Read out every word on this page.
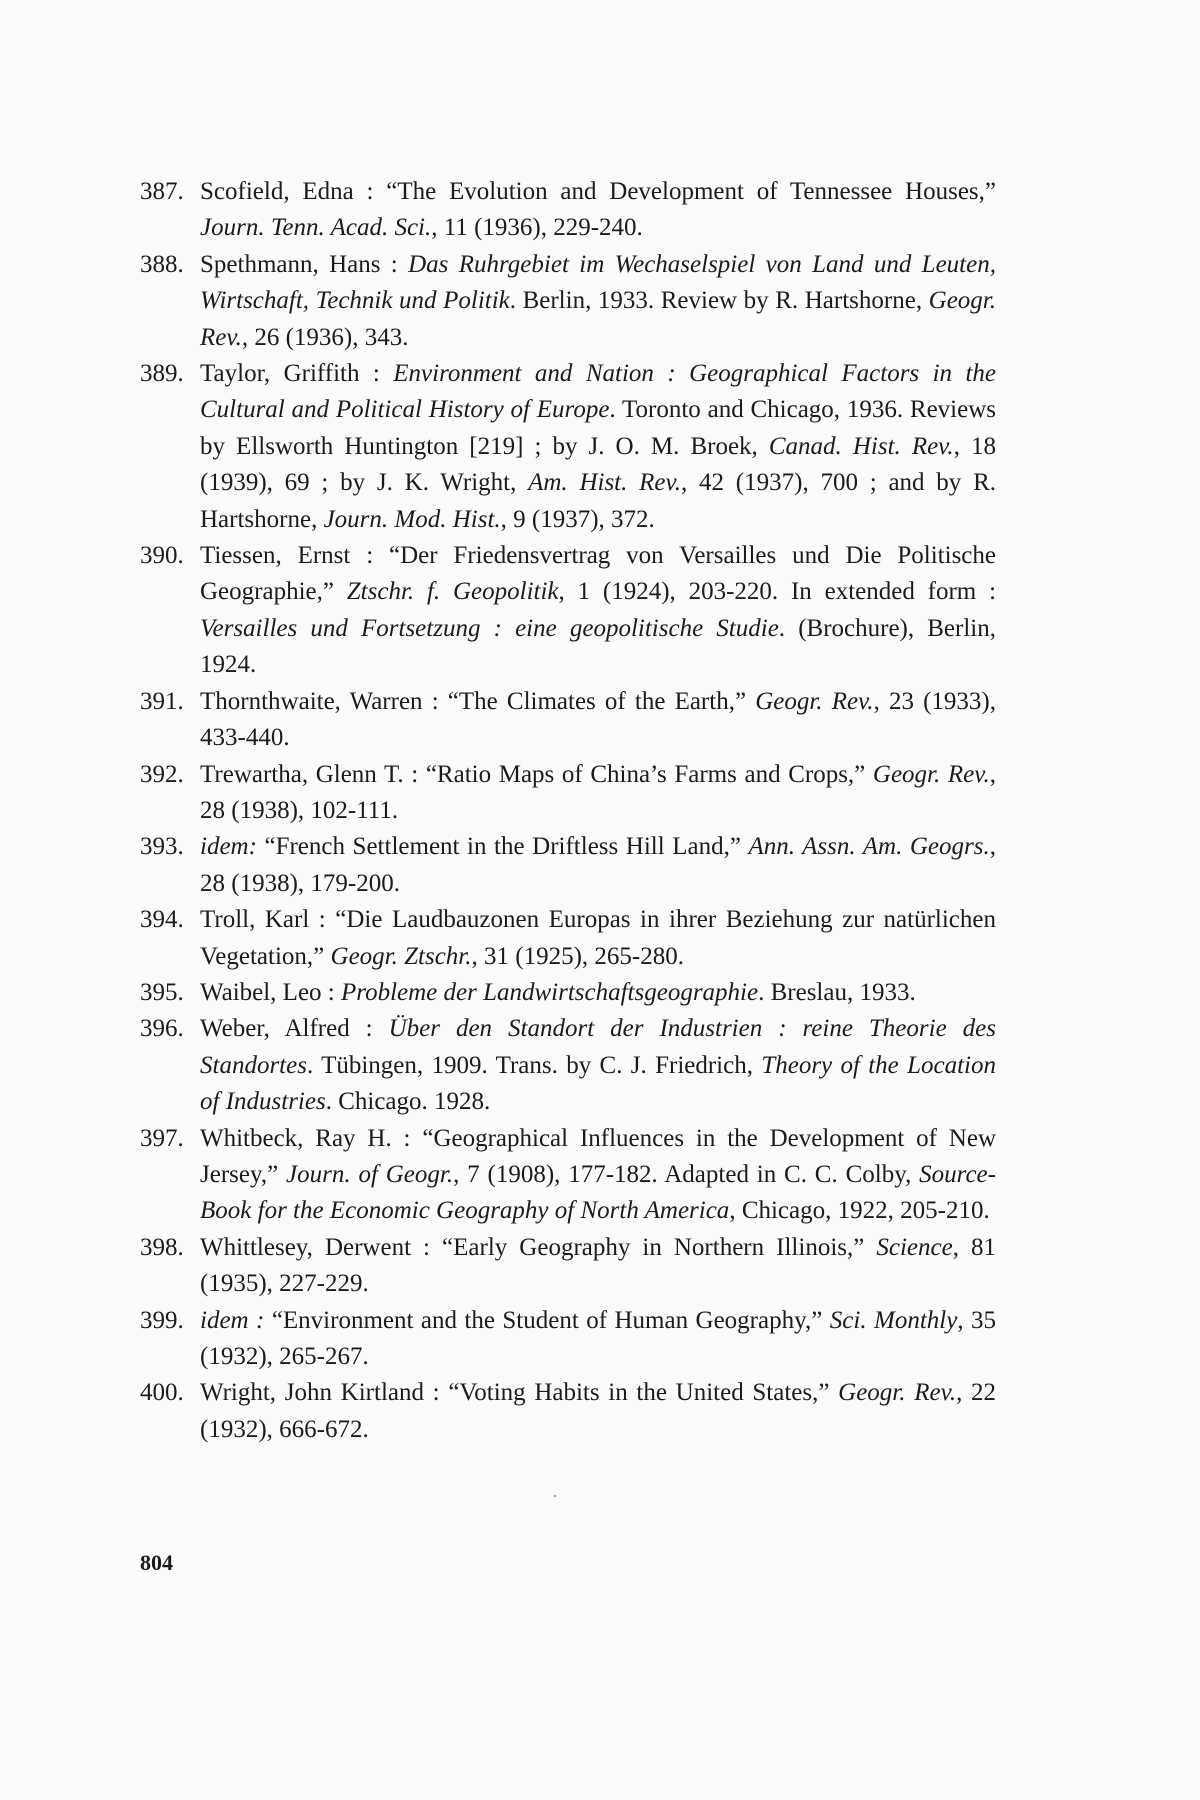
387. Scofield, Edna : “The Evolution and Development of Tennessee Houses,” Journ. Tenn. Acad. Sci., 11 (1936), 229-240.
388. Spethmann, Hans : Das Ruhrgebiet im Wechaselspiel von Land und Leuten, Wirtschaft, Technik und Politik. Berlin, 1933. Review by R. Hartshorne, Geogr. Rev., 26 (1936), 343.
389. Taylor, Griffith : Environment and Nation : Geographical Factors in the Cultural and Political History of Europe. Toronto and Chicago, 1936. Reviews by Ellsworth Huntington [219] ; by J. O. M. Broek, Canad. Hist. Rev., 18 (1939), 69 ; by J. K. Wright, Am. Hist. Rev., 42 (1937), 700 ; and by R. Hartshorne, Journ. Mod. Hist., 9 (1937), 372.
390. Tiessen, Ernst : “Der Friedensvertrag von Versailles und Die Politische Geographie,” Ztschr. f. Geopolitik, 1 (1924), 203-220. In extended form : Versailles und Fortsetzung : eine geopolitische Studie. (Brochure), Berlin, 1924.
391. Thornthwaite, Warren : “The Climates of the Earth,” Geogr. Rev., 23 (1933), 433-440.
392. Trewartha, Glenn T. : “Ratio Maps of China’s Farms and Crops,” Geogr. Rev., 28 (1938), 102-111.
393. idem: “French Settlement in the Driftless Hill Land,” Ann. Assn. Am. Geogrs., 28 (1938), 179-200.
394. Troll, Karl : “Die Laudbauzonen Europas in ihrer Beziehung zur natürlichen Vegetation,” Geogr. Ztschr., 31 (1925), 265-280.
395. Waibel, Leo : Probleme der Landwirtschaftsgeographie. Breslau, 1933.
396. Weber, Alfred : Über den Standort der Industrien : reine Theorie des Standortes. Tübingen, 1909. Trans. by C. J. Friedrich, Theory of the Location of Industries. Chicago. 1928.
397. Whitbeck, Ray H. : “Geographical Influences in the Development of New Jersey,” Journ. of Geogr., 7 (1908), 177-182. Adapted in C. C. Colby, Source-Book for the Economic Geography of North America, Chicago, 1922, 205-210.
398. Whittlesey, Derwent : “Early Geography in Northern Illinois,” Science, 81 (1935), 227-229.
399. idem : “Environment and the Student of Human Geography,” Sci. Monthly, 35 (1932), 265-267.
400. Wright, John Kirtland : “Voting Habits in the United States,” Geogr. Rev., 22 (1932), 666-672.
804
